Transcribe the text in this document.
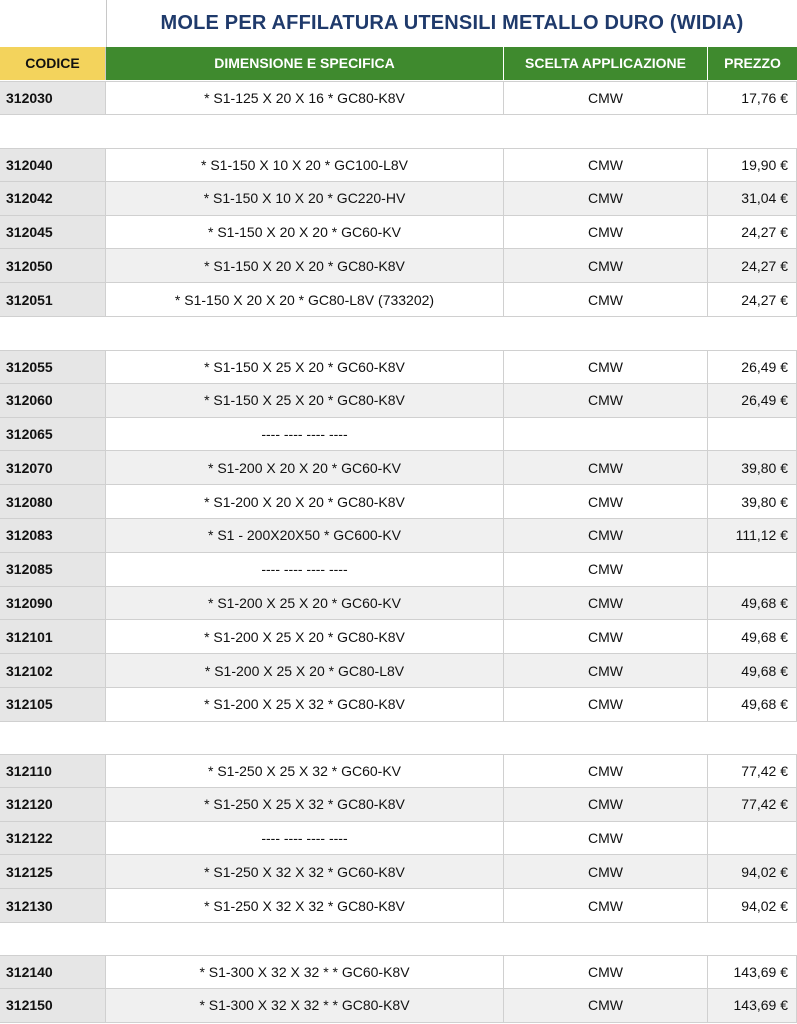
MOLE PER AFFILATURA UTENSILI METALLO DURO (WIDIA)
CODICE	DIMENSIONE E SPECIFICA	SCELTA APPLICAZIONE	PREZZO
312030	* S1-125 X 20 X 16 * GC80-K8V	CMW	17,76 €
312040	* S1-150 X 10 X 20 * GC100-L8V	CMW	19,90 €
312042	* S1-150 X 10 X 20 * GC220-HV	CMW	31,04 €
312045	* S1-150 X 20 X 20 * GC60-KV	CMW	24,27 €
312050	* S1-150 X 20 X 20 * GC80-K8V	CMW	24,27 €
312051	* S1-150 X 20 X 20 * GC80-L8V (733202)	CMW	24,27 €
312055	* S1-150 X 25 X 20 * GC60-K8V	CMW	26,49 €
312060	* S1-150 X 25 X 20 * GC80-K8V	CMW	26,49 €
312065	---- ---- ---- ----
312070	* S1-200 X 20 X 20 * GC60-KV	CMW	39,80 €
312080	* S1-200 X 20 X 20 * GC80-K8V	CMW	39,80 €
312083	* S1 - 200X20X50 * GC600-KV	CMW	111,12 €
312085	---- ---- ---- ----	CMW
312090	* S1-200 X 25 X 20 * GC60-KV	CMW	49,68 €
312101	* S1-200 X 25 X 20 * GC80-K8V	CMW	49,68 €
312102	* S1-200 X 25 X 20 * GC80-L8V	CMW	49,68 €
312105	* S1-200 X 25 X 32 * GC80-K8V	CMW	49,68 €
312110	* S1-250 X 25 X 32 * GC60-KV	CMW	77,42 €
312120	* S1-250 X 25 X 32 * GC80-K8V	CMW	77,42 €
312122	---- ---- ---- ----	CMW
312125	* S1-250 X 32 X 32 * GC60-K8V	CMW	94,02 €
312130	* S1-250 X 32 X 32 * GC80-K8V	CMW	94,02 €
312140	* S1-300 X 32 X 32 * * GC60-K8V	CMW	143,69 €
312150	* S1-300 X 32 X 32 * * GC80-K8V	CMW	143,69 €
